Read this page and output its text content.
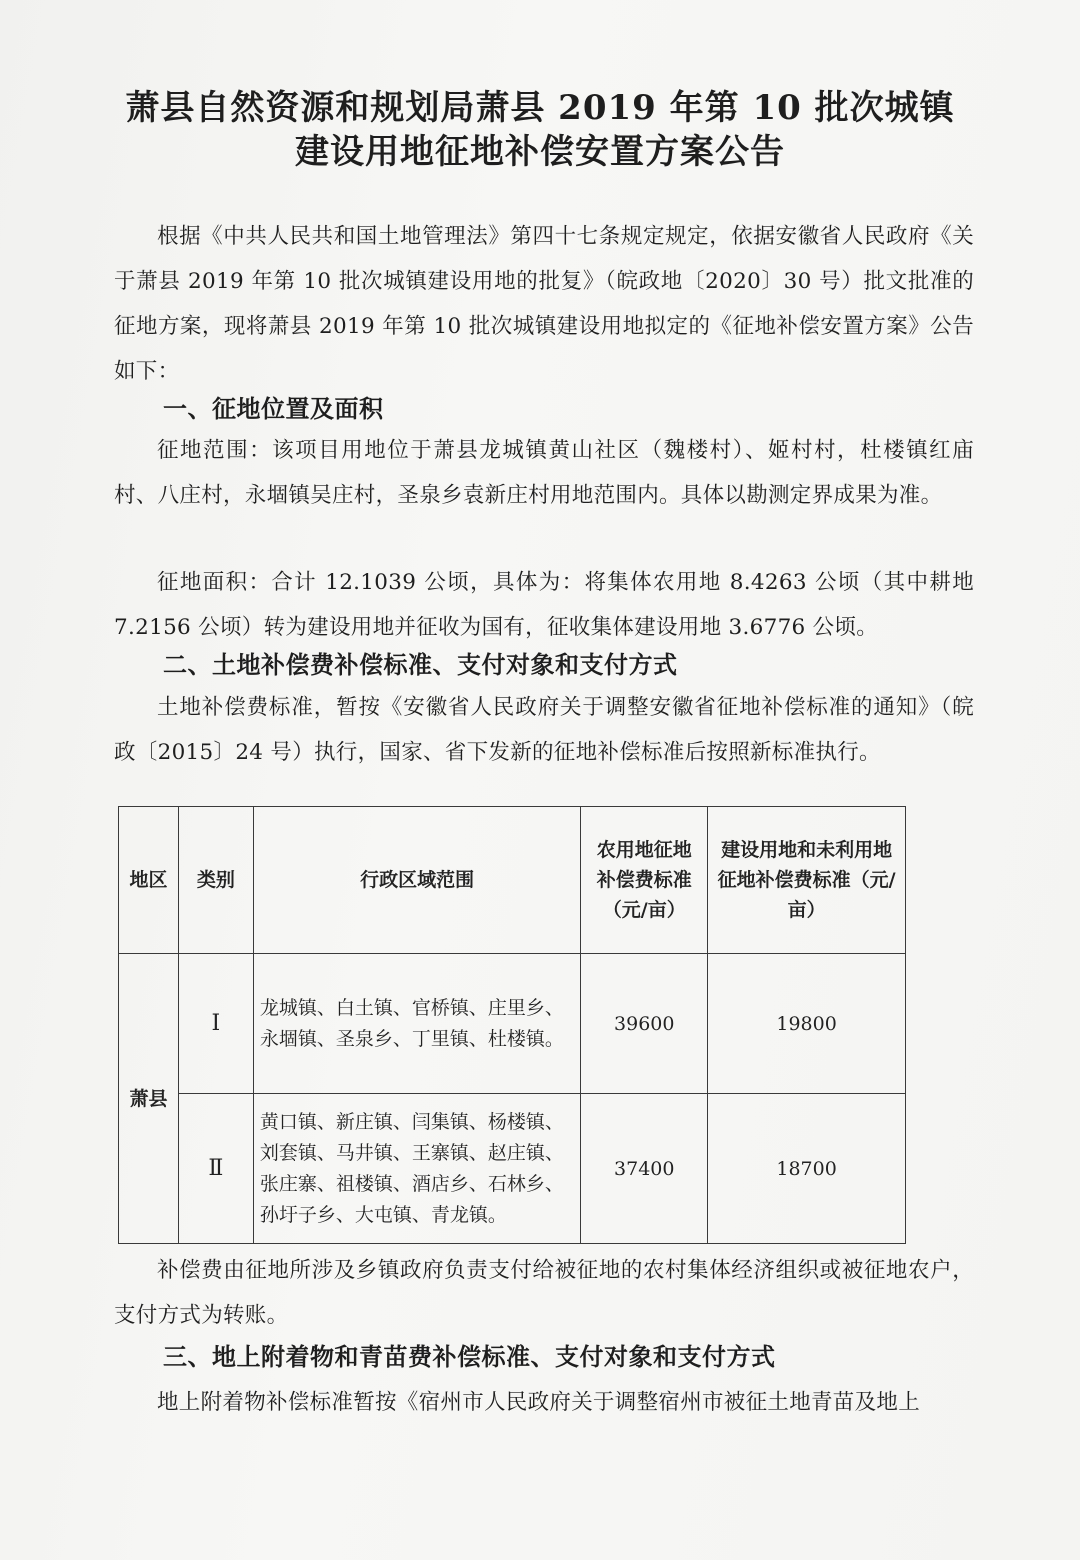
萧县自然资源和规划局萧县 2019 年第 10 批次城镇
建设用地征地补偿安置方案公告

根据《中共人民共和国土地管理法》第四十七条规定规定，依据安徽省人民政府《关于萧县 2019 年第 10 批次城镇建设用地的批复》（皖政地〔2020〕30 号）批文批准的征地方案，现将萧县 2019 年第 10 批次城镇建设用地拟定的《征地补偿安置方案》公告如下：

一、征地位置及面积

征地范围：该项目用地位于萧县龙城镇黄山社区（魏楼村）、姬村村，杜楼镇红庙村、八庄村，永堌镇吴庄村，圣泉乡袁新庄村用地范围内。具体以勘测定界成果为准。

征地面积：合计 12.1039 公顷，具体为：将集体农用地 8.4263 公顷（其中耕地 7.2156 公顷）转为建设用地并征收为国有，征收集体建设用地 3.6776 公顷。

二、土地补偿费补偿标准、支付对象和支付方式

土地补偿费标准，暂按《安徽省人民政府关于调整安徽省征地补偿标准的通知》（皖政〔2015〕24 号）执行，国家、省下发新的征地补偿标准后按照新标准执行。

地区	类别	行政区域范围	农用地征地补偿费标准（元/亩）	建设用地和未利用地征地补偿费标准（元/亩）
萧县	Ⅰ	龙城镇、白土镇、官桥镇、庄里乡、永堌镇、圣泉乡、丁里镇、杜楼镇。	39600	19800
	Ⅱ	黄口镇、新庄镇、闫集镇、杨楼镇、刘套镇、马井镇、王寨镇、赵庄镇、张庄寨、祖楼镇、酒店乡、石林乡、孙圩子乡、大屯镇、青龙镇。	37400	18700

补偿费由征地所涉及乡镇政府负责支付给被征地的农村集体经济组织或被征地农户，支付方式为转账。

三、地上附着物和青苗费补偿标准、支付对象和支付方式

地上附着物补偿标准暂按《宿州市人民政府关于调整宿州市被征土地青苗及地上
